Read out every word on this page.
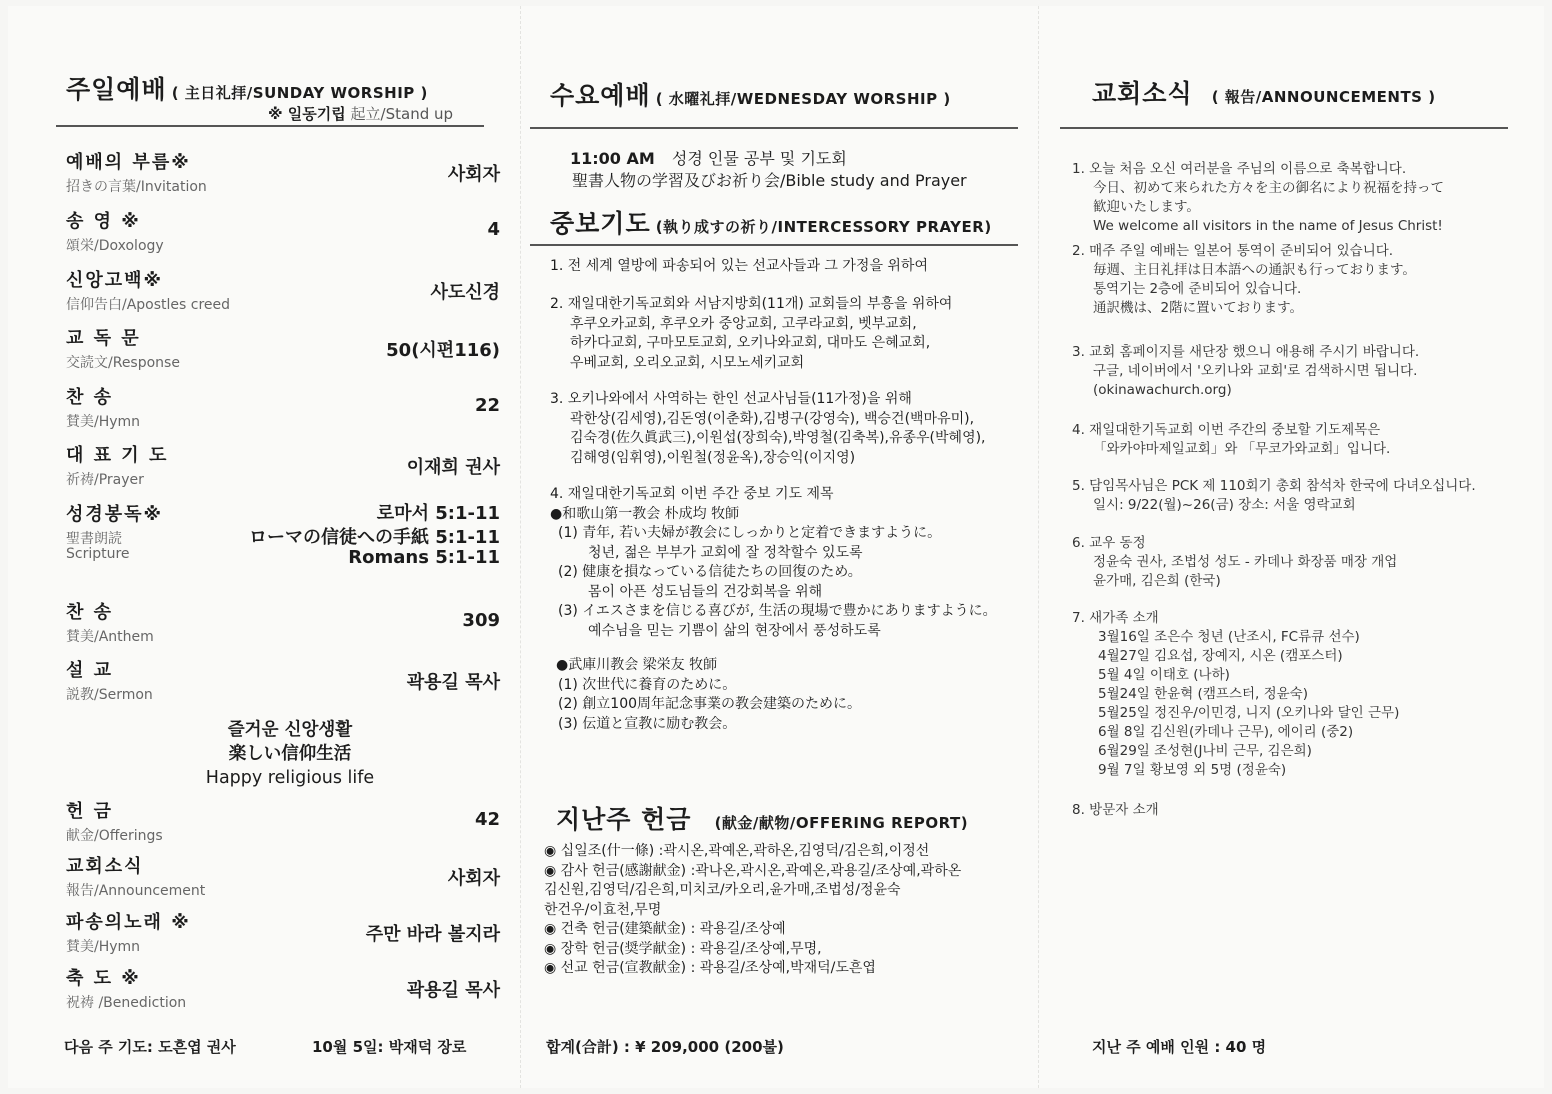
주일예배 ( 主日礼拝/SUNDAY WORSHIP )
※ 일동기립 起立/Stand up
예배의 부름※
招きの言葉/Invitation
사회자
송 영 ※
頌栄/Doxology
4
신앙고백※
信仰告白/Apostles creed
사도신경
교 독 문
交読文/Response
50(시편116)
찬 송
賛美/Hymn
22
대 표 기 도
祈祷/Prayer
이재희 권사
성경봉독※
聖書朗読
Scripture
로마서 5:1-11
ローマの信徒への手紙 5:1-11
Romans 5:1-11
찬 송
賛美/Anthem
309
설 교
説教/Sermon
곽용길 목사
헌 금
献金/Offerings
42
교회소식
報告/Announcement
사회자
파송의노래 ※
賛美/Hymn
주만 바라 볼지라
축 도 ※
祝祷 /Benediction
곽용길 목사
즐거운 신앙생활
楽しい信仰生活
Happy religious life
다음 주 기도: 도흔엽 권사	10월 5일: 박재덕 장로
수요예배 ( 水曜礼拝/WEDNESDAY WORSHIP )
11:00 AM 성경 인물 공부 및 기도회
聖書人物の学習及びお祈り会/Bible study and Prayer
중보기도 (執り成すの祈り/INTERCESSORY PRAYER)
1. 전 세계 열방에 파송되어 있는 선교사들과 그 가정을 위하여
2. 재일대한기독교회와 서남지방회(11개) 교회들의 부흥을 위하여
후쿠오카교회, 후쿠오카 중앙교회, 고쿠라교회, 벳부교회,
하카다교회, 구마모토교회, 오키나와교회, 대마도 은혜교회,
우베교회, 오리오교회, 시모노세키교회
3. 오키나와에서 사역하는 한인 선교사님들(11가정)을 위해
곽한상(김세영),김돈영(이춘화),김병구(강영숙), 백승건(백마유미),
김숙경(佐久眞武三),이원섭(장희숙),박영철(김축복),유종우(박혜영),
김해영(임휘영),이원철(정윤옥),장승익(이지영)
4. 재일대한기독교회 이번 주간 중보 기도 제목
●和歌山第一教会 朴成均 牧師
(1) 青年, 若い夫婦が教会にしっかりと定着できますように。
청년, 젊은 부부가 교회에 잘 정착할수 있도록
(2) 健康を損なっている信徒たちの回復のため。
몸이 아픈 성도님들의 건강회복을 위해
(3) イエスさまを信じる喜びが, 生活の現場で豊かにありますように。
예수님을 믿는 기쁨이 삶의 현장에서 풍성하도록
●武庫川教会 梁栄友 牧師
(1) 次世代に養育のために。
(2) 創立100周年記念事業の教会建築のために。
(3) 伝道と宣教に励む教会。
지난주 헌금 (献金/献物/OFFERING REPORT)
◉ 십일조(什一條) :곽시온,곽예온,곽하온,김영덕/김은희,이정선
◉ 감사 헌금(感謝献金) :곽나온,곽시온,곽예온,곽용길/조상예,곽하온
김신원,김영덕/김은희,미치코/카오리,윤가매,조법성/정윤숙
한건우/이효천,무명
◉ 건축 헌금(建築献金) : 곽용길/조상예
◉ 장학 헌금(奨学献金) : 곽용길/조상예,무명,
◉ 선교 헌금(宣教献金) : 곽용길/조상예,박재덕/도흔엽
합계(合計) : ¥ 209,000 (200불)
교회소식 ( 報告/ANNOUNCEMENTS )
1. 오늘 처음 오신 여러분을 주님의 이름으로 축복합니다.
今日、初めて来られた方々を主の御名により祝福を持って
歓迎いたします。
We welcome all visitors in the name of Jesus Christ!
2. 매주 주일 예배는 일본어 통역이 준비되어 있습니다.
毎週、主日礼拝は日本語への通訳も行っております。
통역기는 2층에 준비되어 있습니다.
通訳機は、2階に置いております。
3. 교회 홈페이지를 새단장 했으니 애용해 주시기 바랍니다.
구글, 네이버에서 '오키나와 교회'로 검색하시면 됩니다.
(okinawachurch.org)
4. 재일대한기독교회 이번 주간의 중보할 기도제목은
「와카야마제일교회」와 「무코가와교회」입니다.
5. 담임목사님은 PCK 제 110회기 총회 참석차 한국에 다녀오십니다.
일시: 9/22(월)~26(금) 장소: 서울 영락교회
6. 교우 동정
정윤숙 권사, 조법성 성도 - 카데나 화장품 매장 개업
윤가매, 김은희 (한국)
7. 새가족 소개
3월16일 조은수 청년 (난조시, FC류큐 선수)
4월27일 김요섭, 장예지, 시온 (캠포스터)
5월 4일 이태호 (나하)
5월24일 한윤혁 (캠프스터, 정윤숙)
5월25일 정진우/이민경, 니지 (오키나와 달인 근무)
6월 8일 김신원(카데나 근무), 에이리 (중2)
6월29일 조성현(J나비 근무, 김은희)
9월 7일 황보영 외 5명 (정윤숙)
8. 방문자 소개
지난 주 예배 인원 : 40 명
